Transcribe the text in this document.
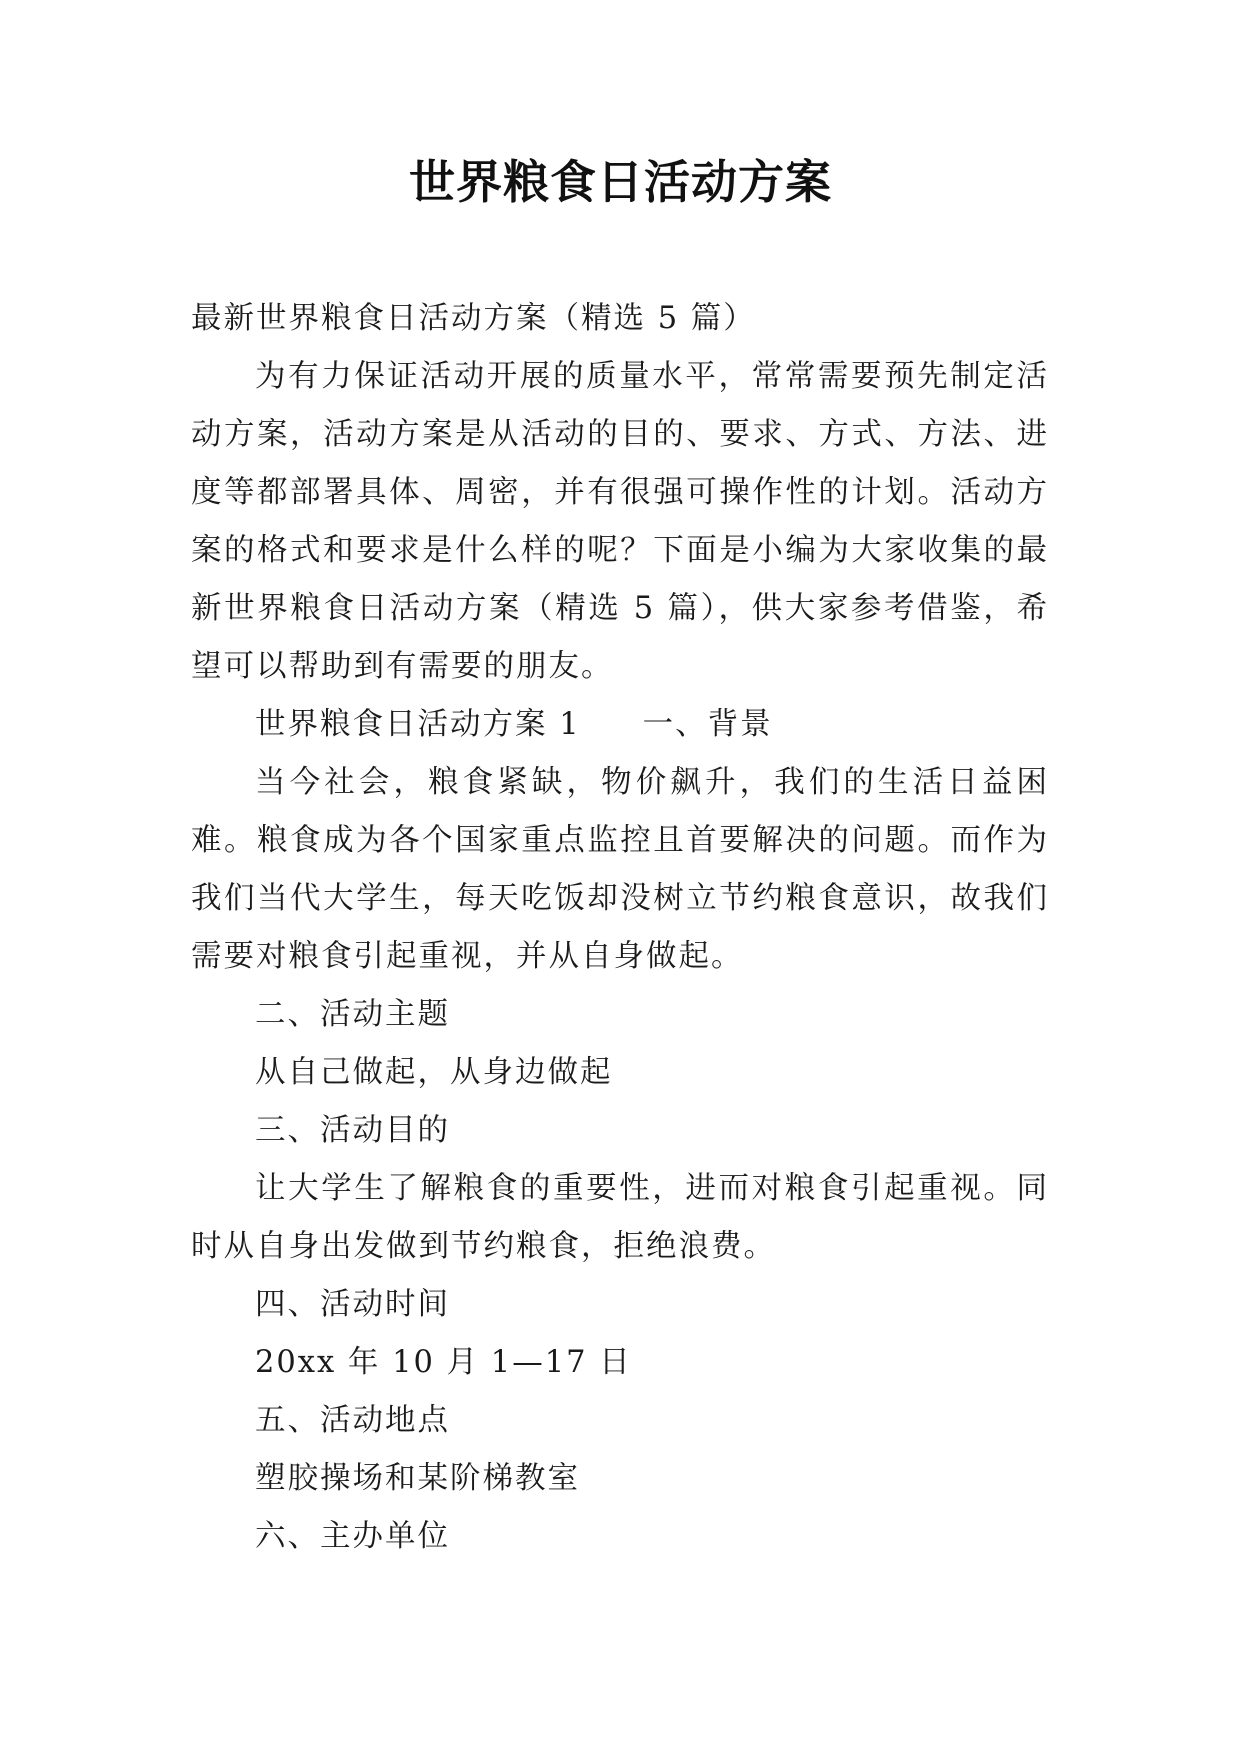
世界粮食日活动方案

最新世界粮食日活动方案（精选 5 篇）

为有力保证活动开展的质量水平，常常需要预先制定活动方案，活动方案是从活动的目的、要求、方式、方法、进度等都部署具体、周密，并有很强可操作性的计划。活动方案的格式和要求是什么样的呢？下面是小编为大家收集的最新世界粮食日活动方案（精选 5 篇），供大家参考借鉴，希望可以帮助到有需要的朋友。

世界粮食日活动方案 1 一、背景

当今社会，粮食紧缺，物价飙升，我们的生活日益困难。粮食成为各个国家重点监控且首要解决的问题。而作为我们当代大学生，每天吃饭却没树立节约粮食意识，故我们需要对粮食引起重视，并从自身做起。

二、活动主题

从自己做起，从身边做起

三、活动目的

让大学生了解粮食的重要性，进而对粮食引起重视。同时从自身出发做到节约粮食，拒绝浪费。

四、活动时间

20xx 年 10 月 1—17 日

五、活动地点

塑胶操场和某阶梯教室

六、主办单位
